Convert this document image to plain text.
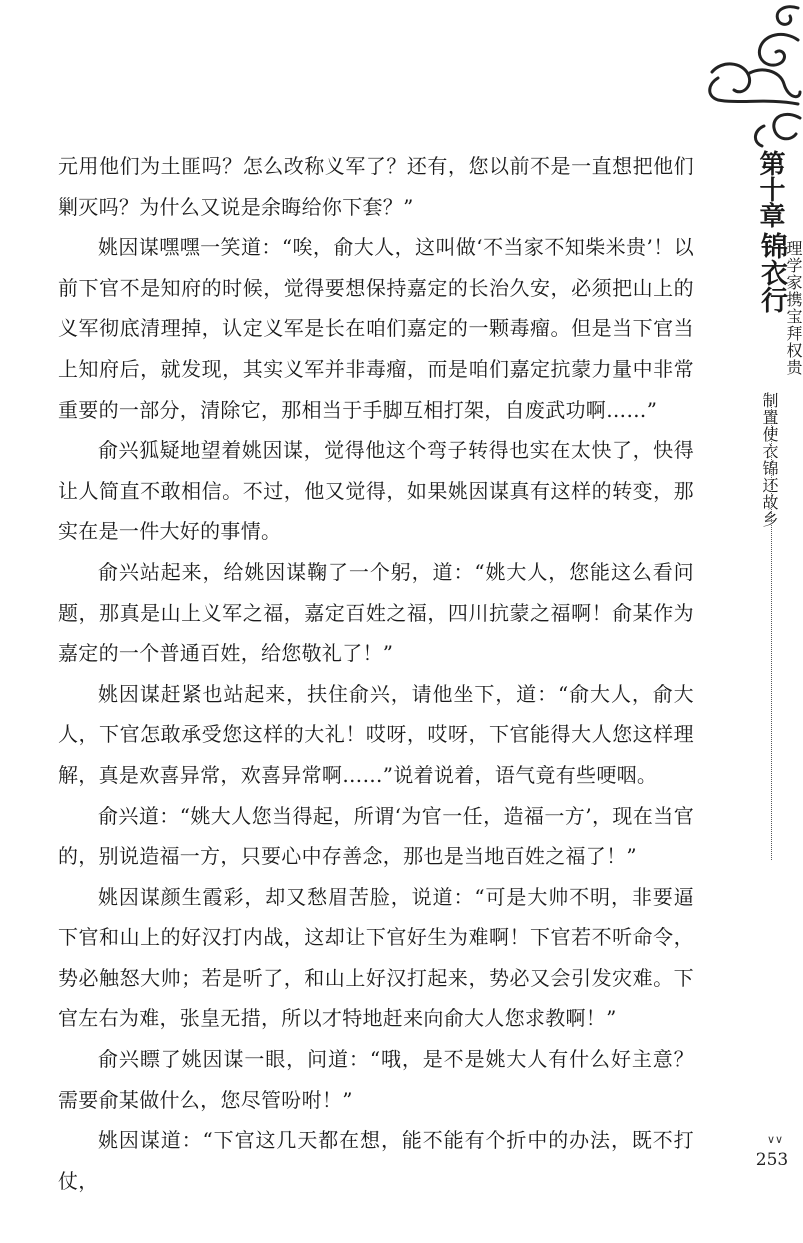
元用他们为土匪吗？怎么改称义军了？还有，您以前不是一直想把他们剿灭吗？为什么又说是余晦给你下套？”

姚因谋嘿嘿一笑道：“唉，俞大人，这叫做‘不当家不知柴米贵’！以前下官不是知府的时候，觉得要想保持嘉定的长治久安，必须把山上的义军彻底清理掉，认定义军是长在咱们嘉定的一颗毒瘤。但是当下官当上知府后，就发现，其实义军并非毒瘤，而是咱们嘉定抗蒙力量中非常重要的一部分，清除它，那相当于手脚互相打架，自废武功啊……”

俞兴狐疑地望着姚因谋，觉得他这个弯子转得也实在太快了，快得让人简直不敢相信。不过，他又觉得，如果姚因谋真有这样的转变，那实在是一件大好的事情。

俞兴站起来，给姚因谋鞠了一个躬，道：“姚大人，您能这么看问题，那真是山上义军之福，嘉定百姓之福，四川抗蒙之福啊！俞某作为嘉定的一个普通百姓，给您敬礼了！”

姚因谋赶紧也站起来，扶住俞兴，请他坐下，道：“俞大人，俞大人，下官怎敢承受您这样的大礼！哎呀，哎呀，下官能得大人您这样理解，真是欢喜异常，欢喜异常啊……”说着说着，语气竟有些哽咽。

俞兴道：“姚大人您当得起，所谓‘为官一任，造福一方’，现在当官的，别说造福一方，只要心中存善念，那也是当地百姓之福了！”

姚因谋颜生霞彩，却又愁眉苦脸，说道：“可是大帅不明，非要逼下官和山上的好汉打内战，这却让下官好生为难啊！下官若不听命令，势必触怒大帅；若是听了，和山上好汉打起来，势必又会引发灾难。下官左右为难，张皇无措，所以才特地赶来向俞大人您求教啊！”

俞兴瞟了姚因谋一眼，问道：“哦，是不是姚大人有什么好主意？需要俞某做什么，您尽管吩咐！”

姚因谋道：“下官这几天都在想，能不能有个折中的办法，既不打仗，

第十章
锦衣行
理学家携宝拜权贵
制置使衣锦还故乡
∨∨
253
